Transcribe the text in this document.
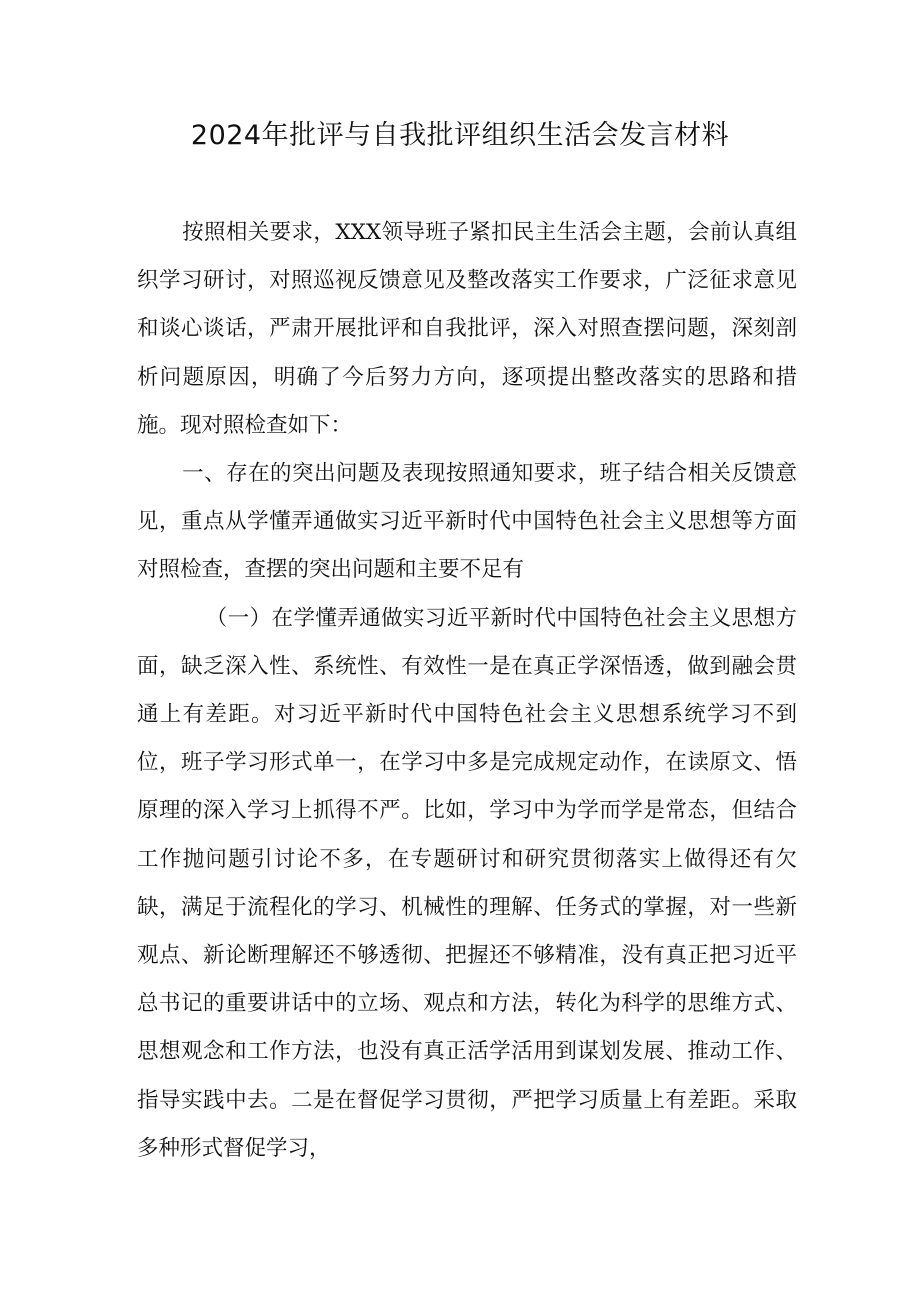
2024年批评与自我批评组织生活会发言材料

按照相关要求，XXX领导班子紧扣民主生活会主题，会前认真组织学习研讨，对照巡视反馈意见及整改落实工作要求，广泛征求意见和谈心谈话，严肃开展批评和自我批评，深入对照查摆问题，深刻剖析问题原因，明确了今后努力方向，逐项提出整改落实的思路和措施。现对照检查如下：

一、存在的突出问题及表现按照通知要求，班子结合相关反馈意见，重点从学懂弄通做实习近平新时代中国特色社会主义思想等方面对照检查，查摆的突出问题和主要不足有

（一）在学懂弄通做实习近平新时代中国特色社会主义思想方面，缺乏深入性、系统性、有效性一是在真正学深悟透，做到融会贯通上有差距。对习近平新时代中国特色社会主义思想系统学习不到位，班子学习形式单一，在学习中多是完成规定动作，在读原文、悟原理的深入学习上抓得不严。比如，学习中为学而学是常态，但结合工作抛问题引讨论不多，在专题研讨和研究贯彻落实上做得还有欠缺，满足于流程化的学习、机械性的理解、任务式的掌握，对一些新观点、新论断理解还不够透彻、把握还不够精准，没有真正把习近平总书记的重要讲话中的立场、观点和方法，转化为科学的思维方式、思想观念和工作方法，也没有真正活学活用到谋划发展、推动工作、指导实践中去。二是在督促学习贯彻，严把学习质量上有差距。采取多种形式督促学习，
